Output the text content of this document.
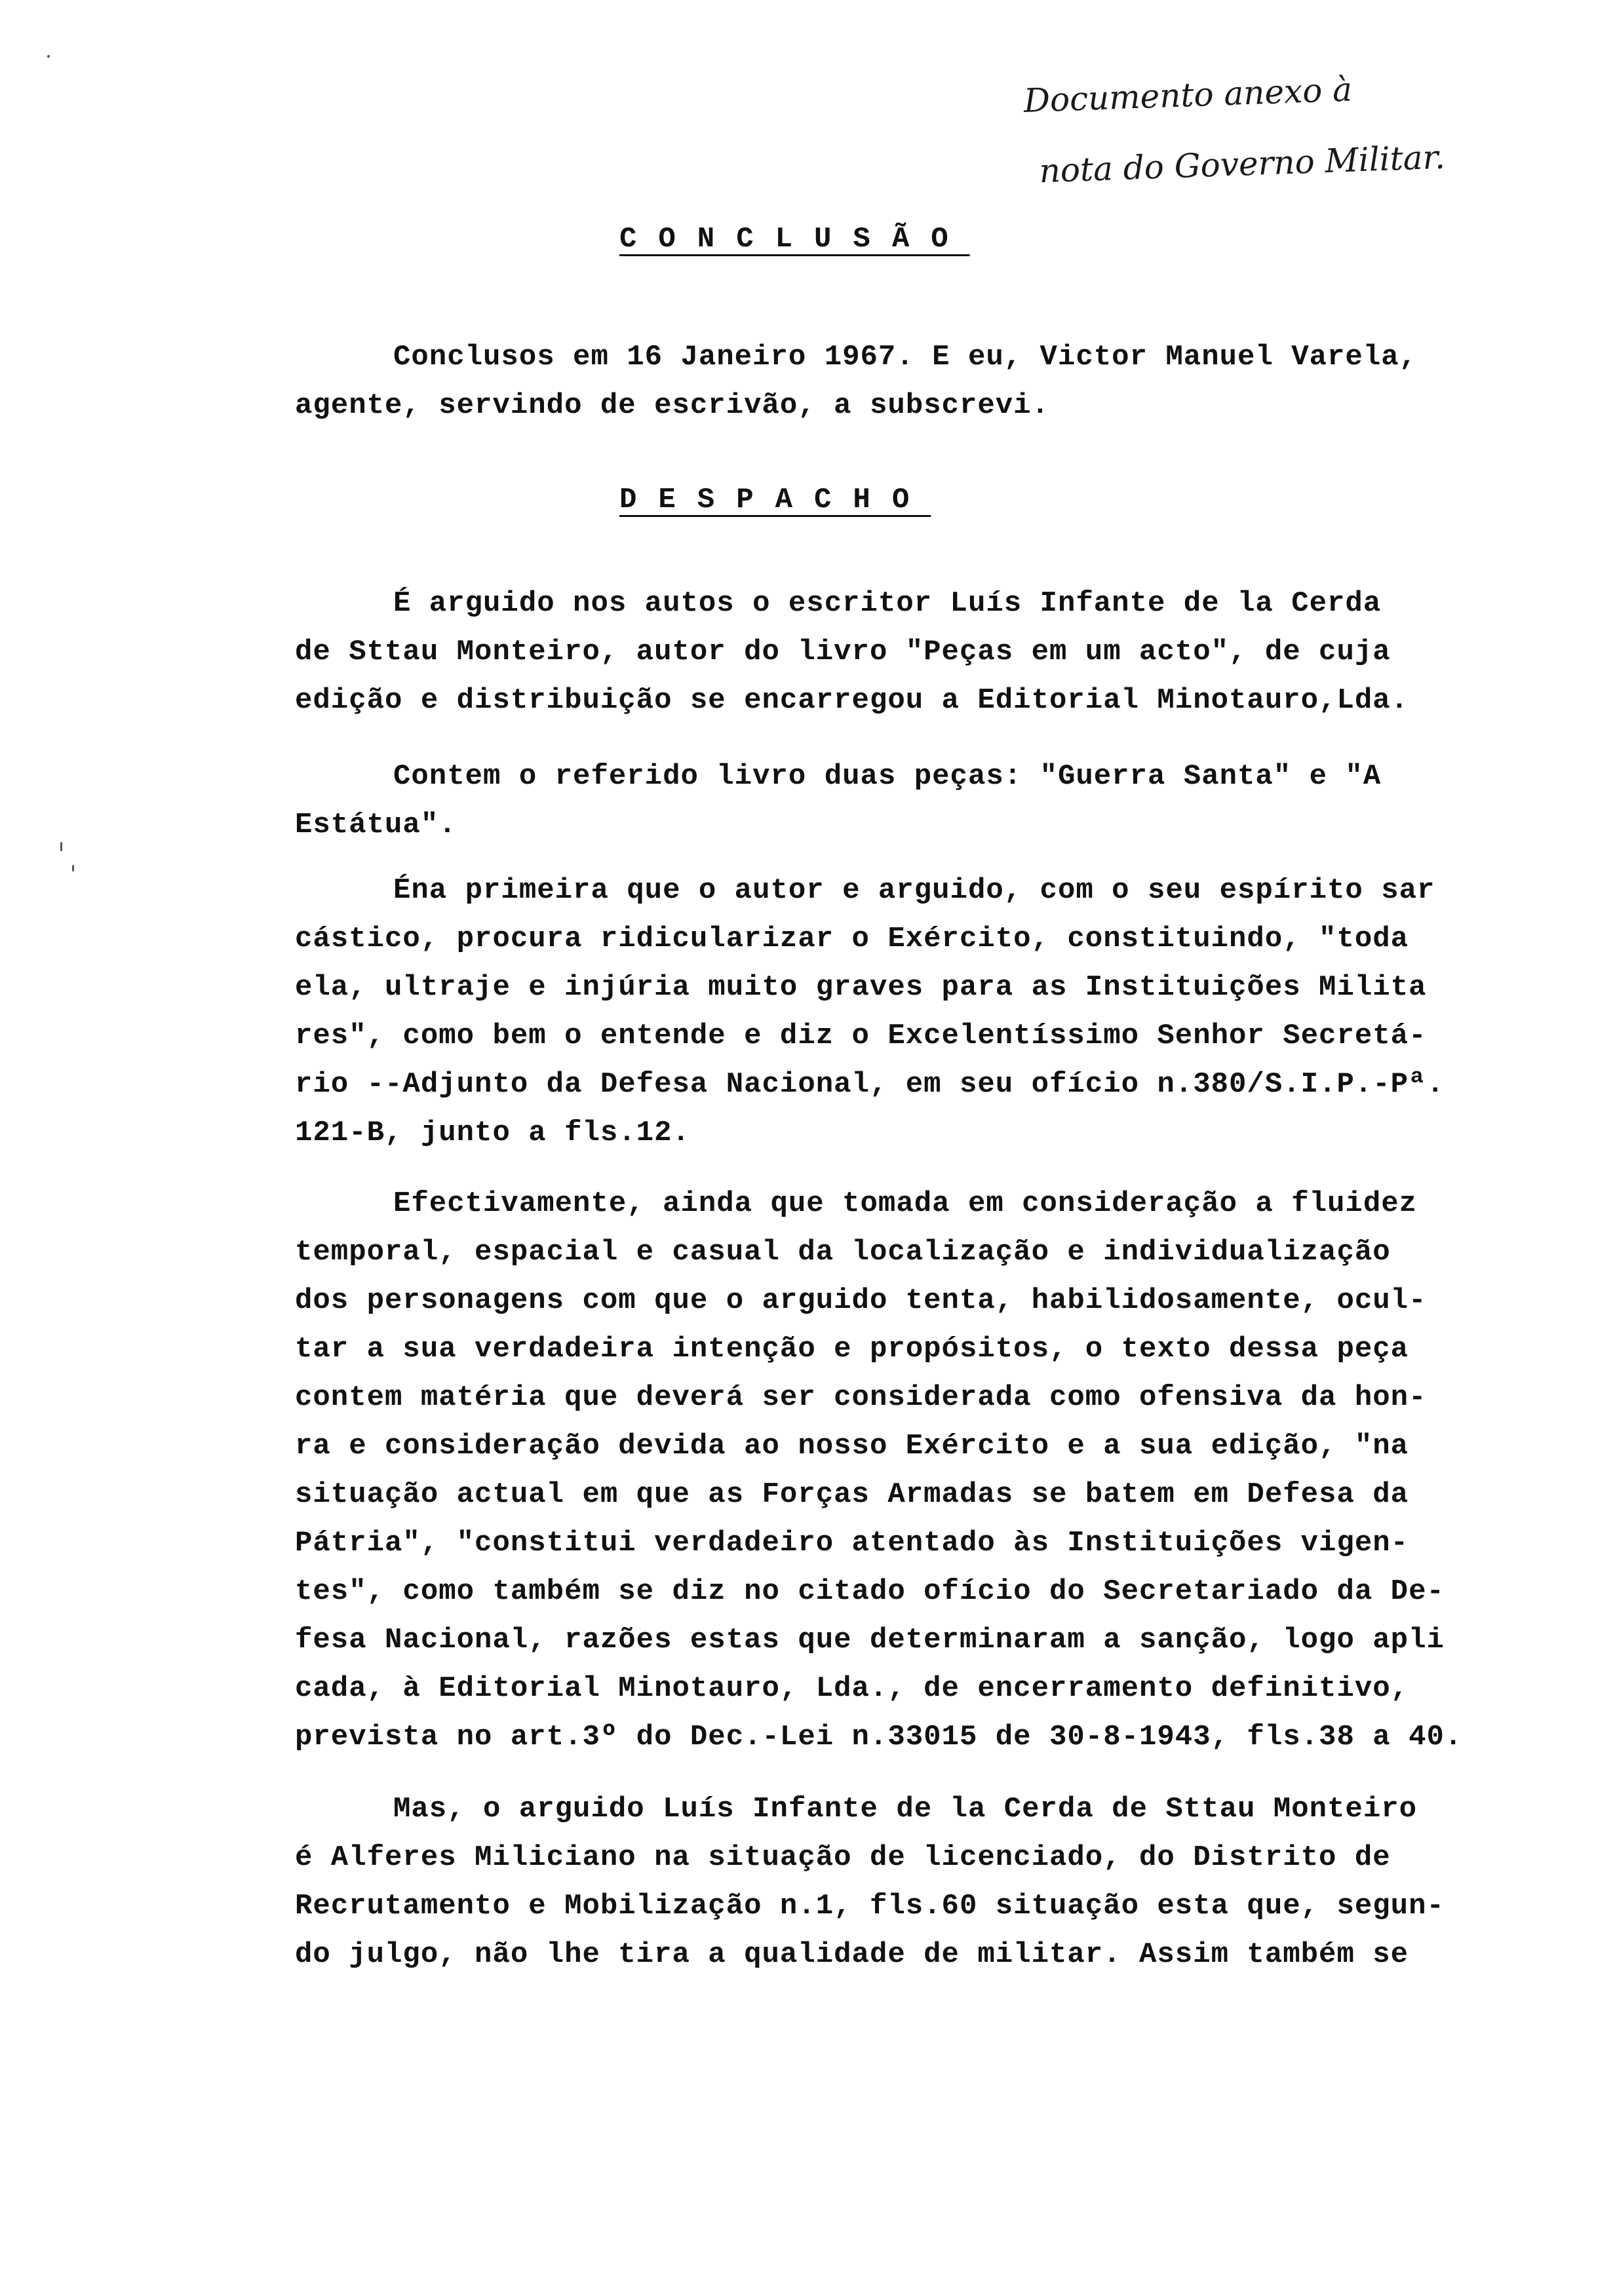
Documento anexo à
nota do Governo Militar.
CONCLUSÃO
Conclusos em 16 Janeiro 1967. E eu, Victor Manuel Varela,
agente, servindo de escrivão, a subscrevi.
DESPACHO
É arguido nos autos o escritor Luís Infante de la Cerda
de Sttau Monteiro, autor do livro "Peças em um acto", de cuja
edição e distribuição se encarregou a Editorial Minotauro,Lda.
Contem o referido livro duas peças: "Guerra Santa" e "A
Estátua".
Éna primeira que o autor e arguido, com o seu espírito sar
cástico, procura ridicularizar o Exército, constituindo, "toda
ela, ultraje e injúria muito graves para as Instituições Milita
res", como bem o entende e diz o Excelentíssimo Senhor Secretá-
rio --Adjunto da Defesa Nacional, em seu ofício n.380/S.I.P.-Pª.
121-B, junto a fls.12.
Efectivamente, ainda que tomada em consideração a fluidez
temporal, espacial e casual da localização e individualização
dos personagens com que o arguido tenta, habilidosamente, ocul-
tar a sua verdadeira intenção e propósitos, o texto dessa peça
contem matéria que deverá ser considerada como ofensiva da hon-
ra e consideração devida ao nosso Exército e a sua edição, "na
situação actual em que as Forças Armadas se batem em Defesa da
Pátria", "constitui verdadeiro atentado às Instituições vigen-
tes", como também se diz no citado ofício do Secretariado da De-
fesa Nacional, razões estas que determinaram a sanção, logo apli
cada, à Editorial Minotauro, Lda., de encerramento definitivo,
prevista no art.3º do Dec.-Lei n.33015 de 30-8-1943, fls.38 a 40.
Mas, o arguido Luís Infante de la Cerda de Sttau Monteiro
é Alferes Miliciano na situação de licenciado, do Distrito de
Recrutamento e Mobilização n.1, fls.60 situação esta que, segun-
do julgo, não lhe tira a qualidade de militar. Assim também se
